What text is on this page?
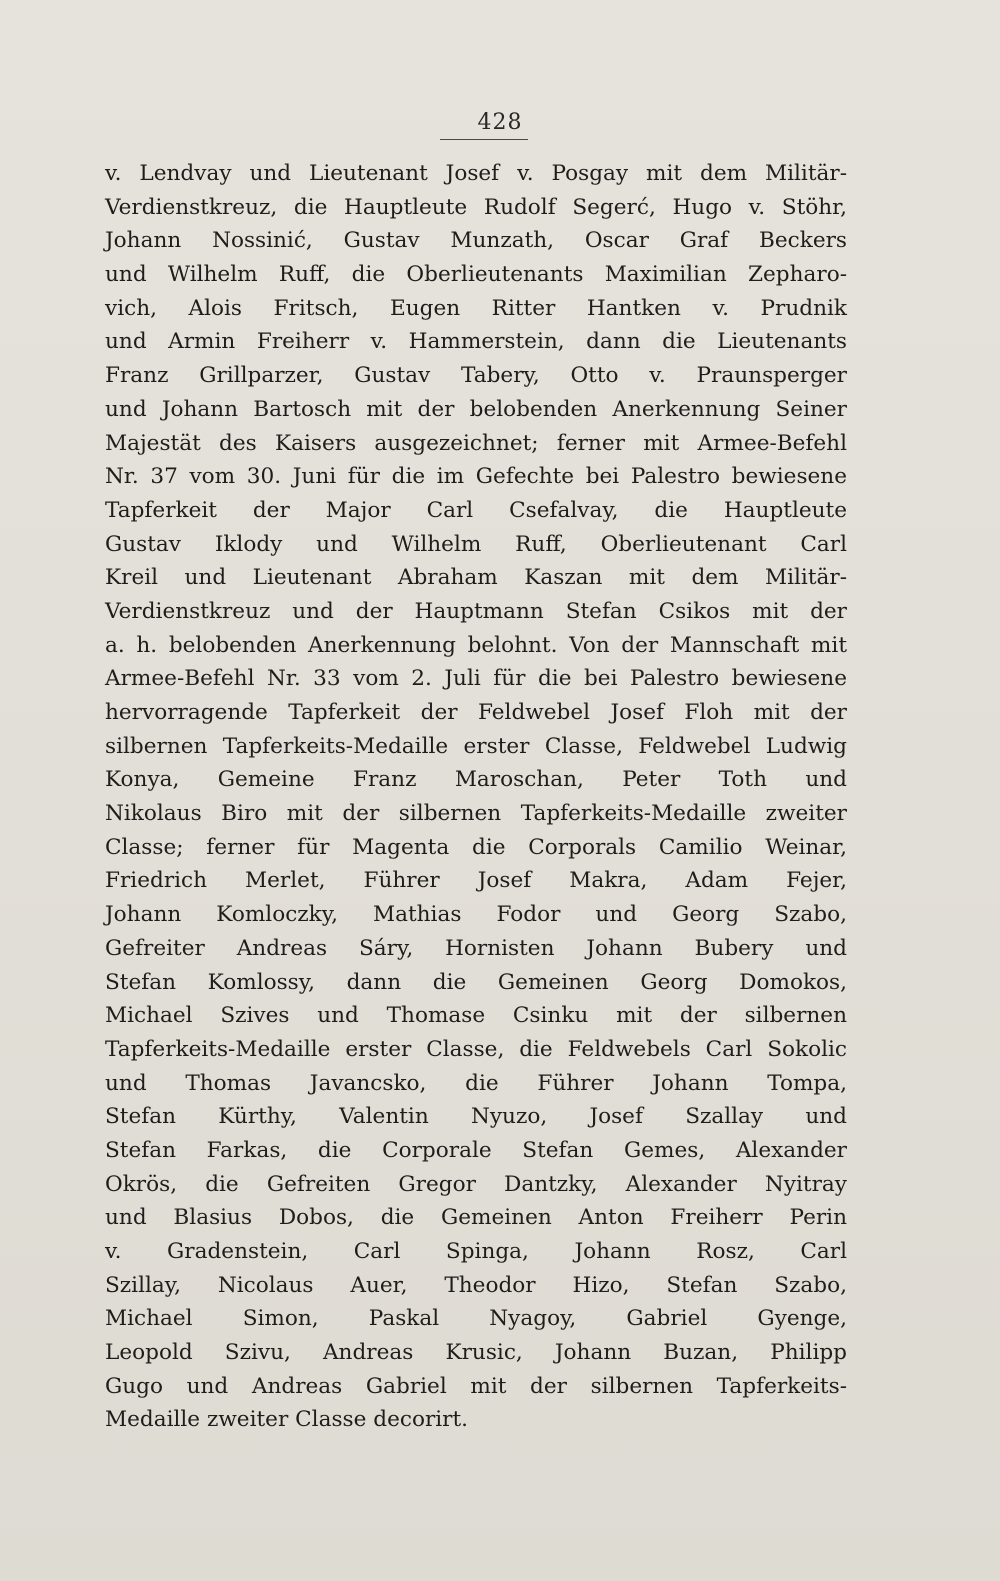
428
v. Lendvay und Lieutenant Josef v. Posgay mit dem Militär-
Verdienstkreuz, die Hauptleute Rudolf Segerć, Hugo v. Stöhr,
Johann Nossinić, Gustav Munzath, Oscar Graf Beckers
und Wilhelm Ruff, die Oberlieutenants Maximilian Zepharo-
vich, Alois Fritsch, Eugen Ritter Hantken v. Prudnik
und Armin Freiherr v. Hammerstein, dann die Lieutenants
Franz Grillparzer, Gustav Tabery, Otto v. Praunsperger
und Johann Bartosch mit der belobenden Anerkennung Seiner
Majestät des Kaisers ausgezeichnet; ferner mit Armee-Befehl
Nr. 37 vom 30. Juni für die im Gefechte bei Palestro bewiesene
Tapferkeit der Major Carl Csefalvay, die Hauptleute
Gustav Iklody und Wilhelm Ruff, Oberlieutenant Carl
Kreil und Lieutenant Abraham Kaszan mit dem Militär-
Verdienstkreuz und der Hauptmann Stefan Csikos mit der
a. h. belobenden Anerkennung belohnt. Von der Mannschaft mit
Armee-Befehl Nr. 33 vom 2. Juli für die bei Palestro bewiesene
hervorragende Tapferkeit der Feldwebel Josef Floh mit der
silbernen Tapferkeits-Medaille erster Classe, Feldwebel Ludwig
Konya, Gemeine Franz Maroschan, Peter Toth und
Nikolaus Biro mit der silbernen Tapferkeits-Medaille zweiter
Classe; ferner für Magenta die Corporals Camilio Weinar,
Friedrich Merlet, Führer Josef Makra, Adam Fejer,
Johann Komloczky, Mathias Fodor und Georg Szabo,
Gefreiter Andreas Sáry, Hornisten Johann Bubery und
Stefan Komlossy, dann die Gemeinen Georg Domokos,
Michael Szives und Thomase Csinku mit der silbernen
Tapferkeits-Medaille erster Classe, die Feldwebels Carl Sokolic
und Thomas Javancsko, die Führer Johann Tompa,
Stefan Kürthy, Valentin Nyuzo, Josef Szallay und
Stefan Farkas, die Corporale Stefan Gemes, Alexander
Okrös, die Gefreiten Gregor Dantzky, Alexander Nyitray
und Blasius Dobos, die Gemeinen Anton Freiherr Perin
v. Gradenstein, Carl Spinga, Johann Rosz, Carl
Szillay, Nicolaus Auer, Theodor Hizo, Stefan Szabo,
Michael Simon, Paskal Nyagoy, Gabriel Gyenge,
Leopold Szivu, Andreas Krusic, Johann Buzan, Philipp
Gugo und Andreas Gabriel mit der silbernen Tapferkeits-
Medaille zweiter Classe decorirt.
